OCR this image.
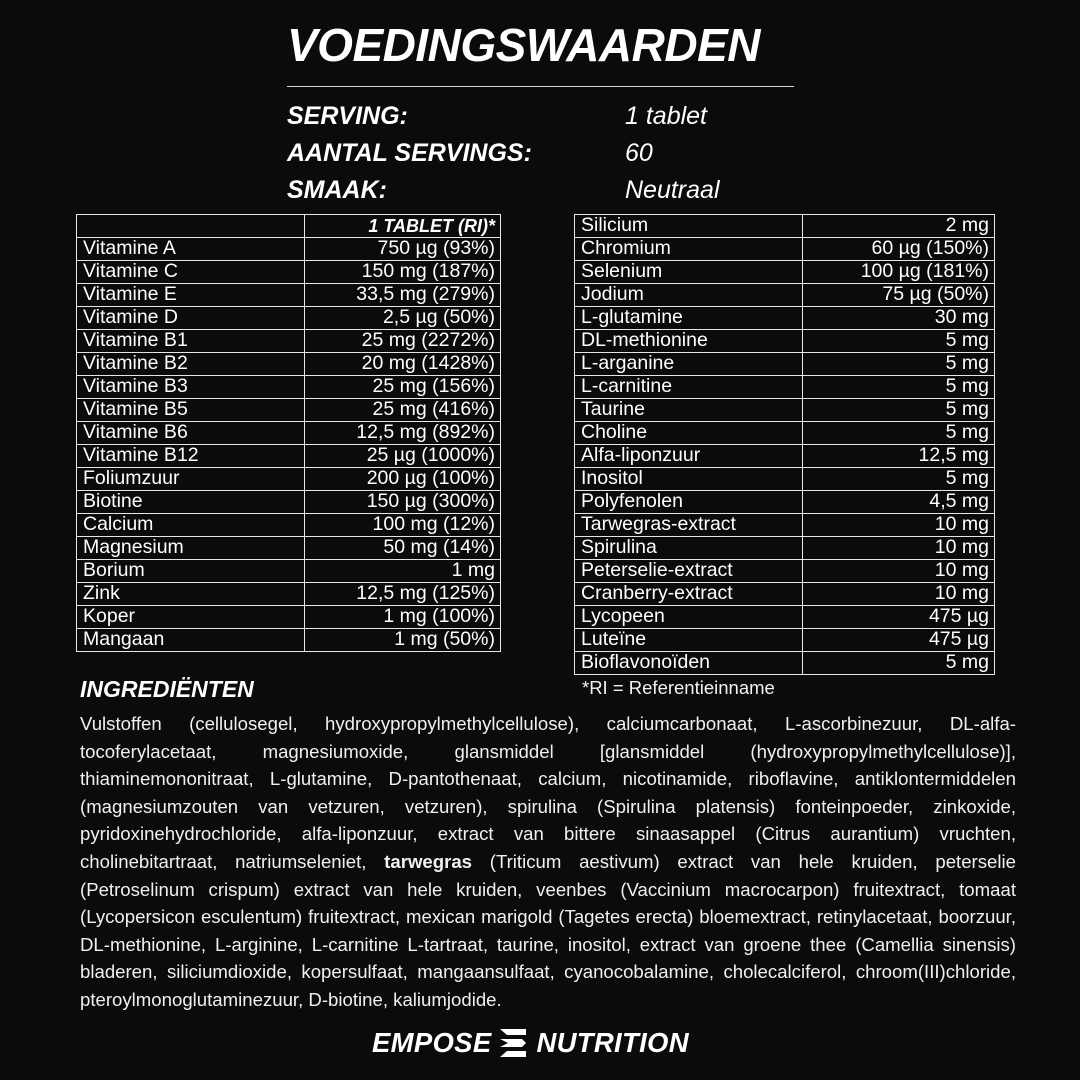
VOEDINGSWAARDEN
SERVING:	1 tablet
AANTAL SERVINGS:	60
SMAAK:	Neutraal
	1 TABLET (RI)*
Vitamine A	750 µg (93%)
Vitamine C	150 mg (187%)
Vitamine E	33,5 mg (279%)
Vitamine D	2,5 µg (50%)
Vitamine B1	25 mg (2272%)
Vitamine B2	20 mg (1428%)
Vitamine B3	25 mg (156%)
Vitamine B5	25 mg (416%)
Vitamine B6	12,5 mg (892%)
Vitamine B12	25 µg (1000%)
Foliumzuur	200 µg (100%)
Biotine	150 µg (300%)
Calcium	100 mg (12%)
Magnesium	50 mg (14%)
Borium	1 mg
Zink	12,5 mg (125%)
Koper	1 mg (100%)
Mangaan	1 mg (50%)
Silicium	2 mg
Chromium	60 µg (150%)
Selenium	100 µg (181%)
Jodium	75 µg (50%)
L-glutamine	30 mg
DL-methionine	5 mg
L-arganine	5 mg
L-carnitine	5 mg
Taurine	5 mg
Choline	5 mg
Alfa-liponzuur	12,5 mg
Inositol	5 mg
Polyfenolen	4,5 mg
Tarwegras-extract	10 mg
Spirulina	10 mg
Peterselie-extract	10 mg
Cranberry-extract	10 mg
Lycopeen	475 µg
Luteïne	475 µg
Bioflavonoïden	5 mg
*RI = Referentieinname
INGREDIËNTEN

Vulstoffen (cellulosegel, hydroxypropylmethylcellulose), calciumcarbonaat, L-ascorbinezuur, DL-alfa-tocoferylacetaat, magnesiumoxide, glansmiddel [glansmiddel (hydroxypropylmethylcellulose)], thiaminemononitraat, L-glutamine, D-pantothenaat, calcium, nicotinamide, riboflavine, antiklontermiddelen (magnesiumzouten van vetzuren, vetzuren), spirulina (Spirulina platensis) fonteinpoeder, zinkoxide, pyridoxinehydrochloride, alfa-liponzuur, extract van bittere sinaasappel (Citrus aurantium) vruchten, cholinebitartraat, natriumseleniet, tarwegras (Triticum aestivum) extract van hele kruiden, peterselie (Petroselinum crispum) extract van hele kruiden, veenbes (Vaccinium macrocarpon) fruitextract, tomaat (Lycopersicon esculentum) fruitextract, mexican marigold (Tagetes erecta) bloemextract, retinylacetaat, boorzuur, DL-methionine, L-arginine, L-carnitine L-tartraat, taurine, inositol, extract van groene thee (Camellia sinensis) bladeren, siliciumdioxide, kopersulfaat, mangaansulfaat, cyanocobalamine, cholecalciferol, chroom(III)chloride, pteroylmonoglutaminezuur, D-biotine, kaliumjodide.

EMPOSE NUTRITION
